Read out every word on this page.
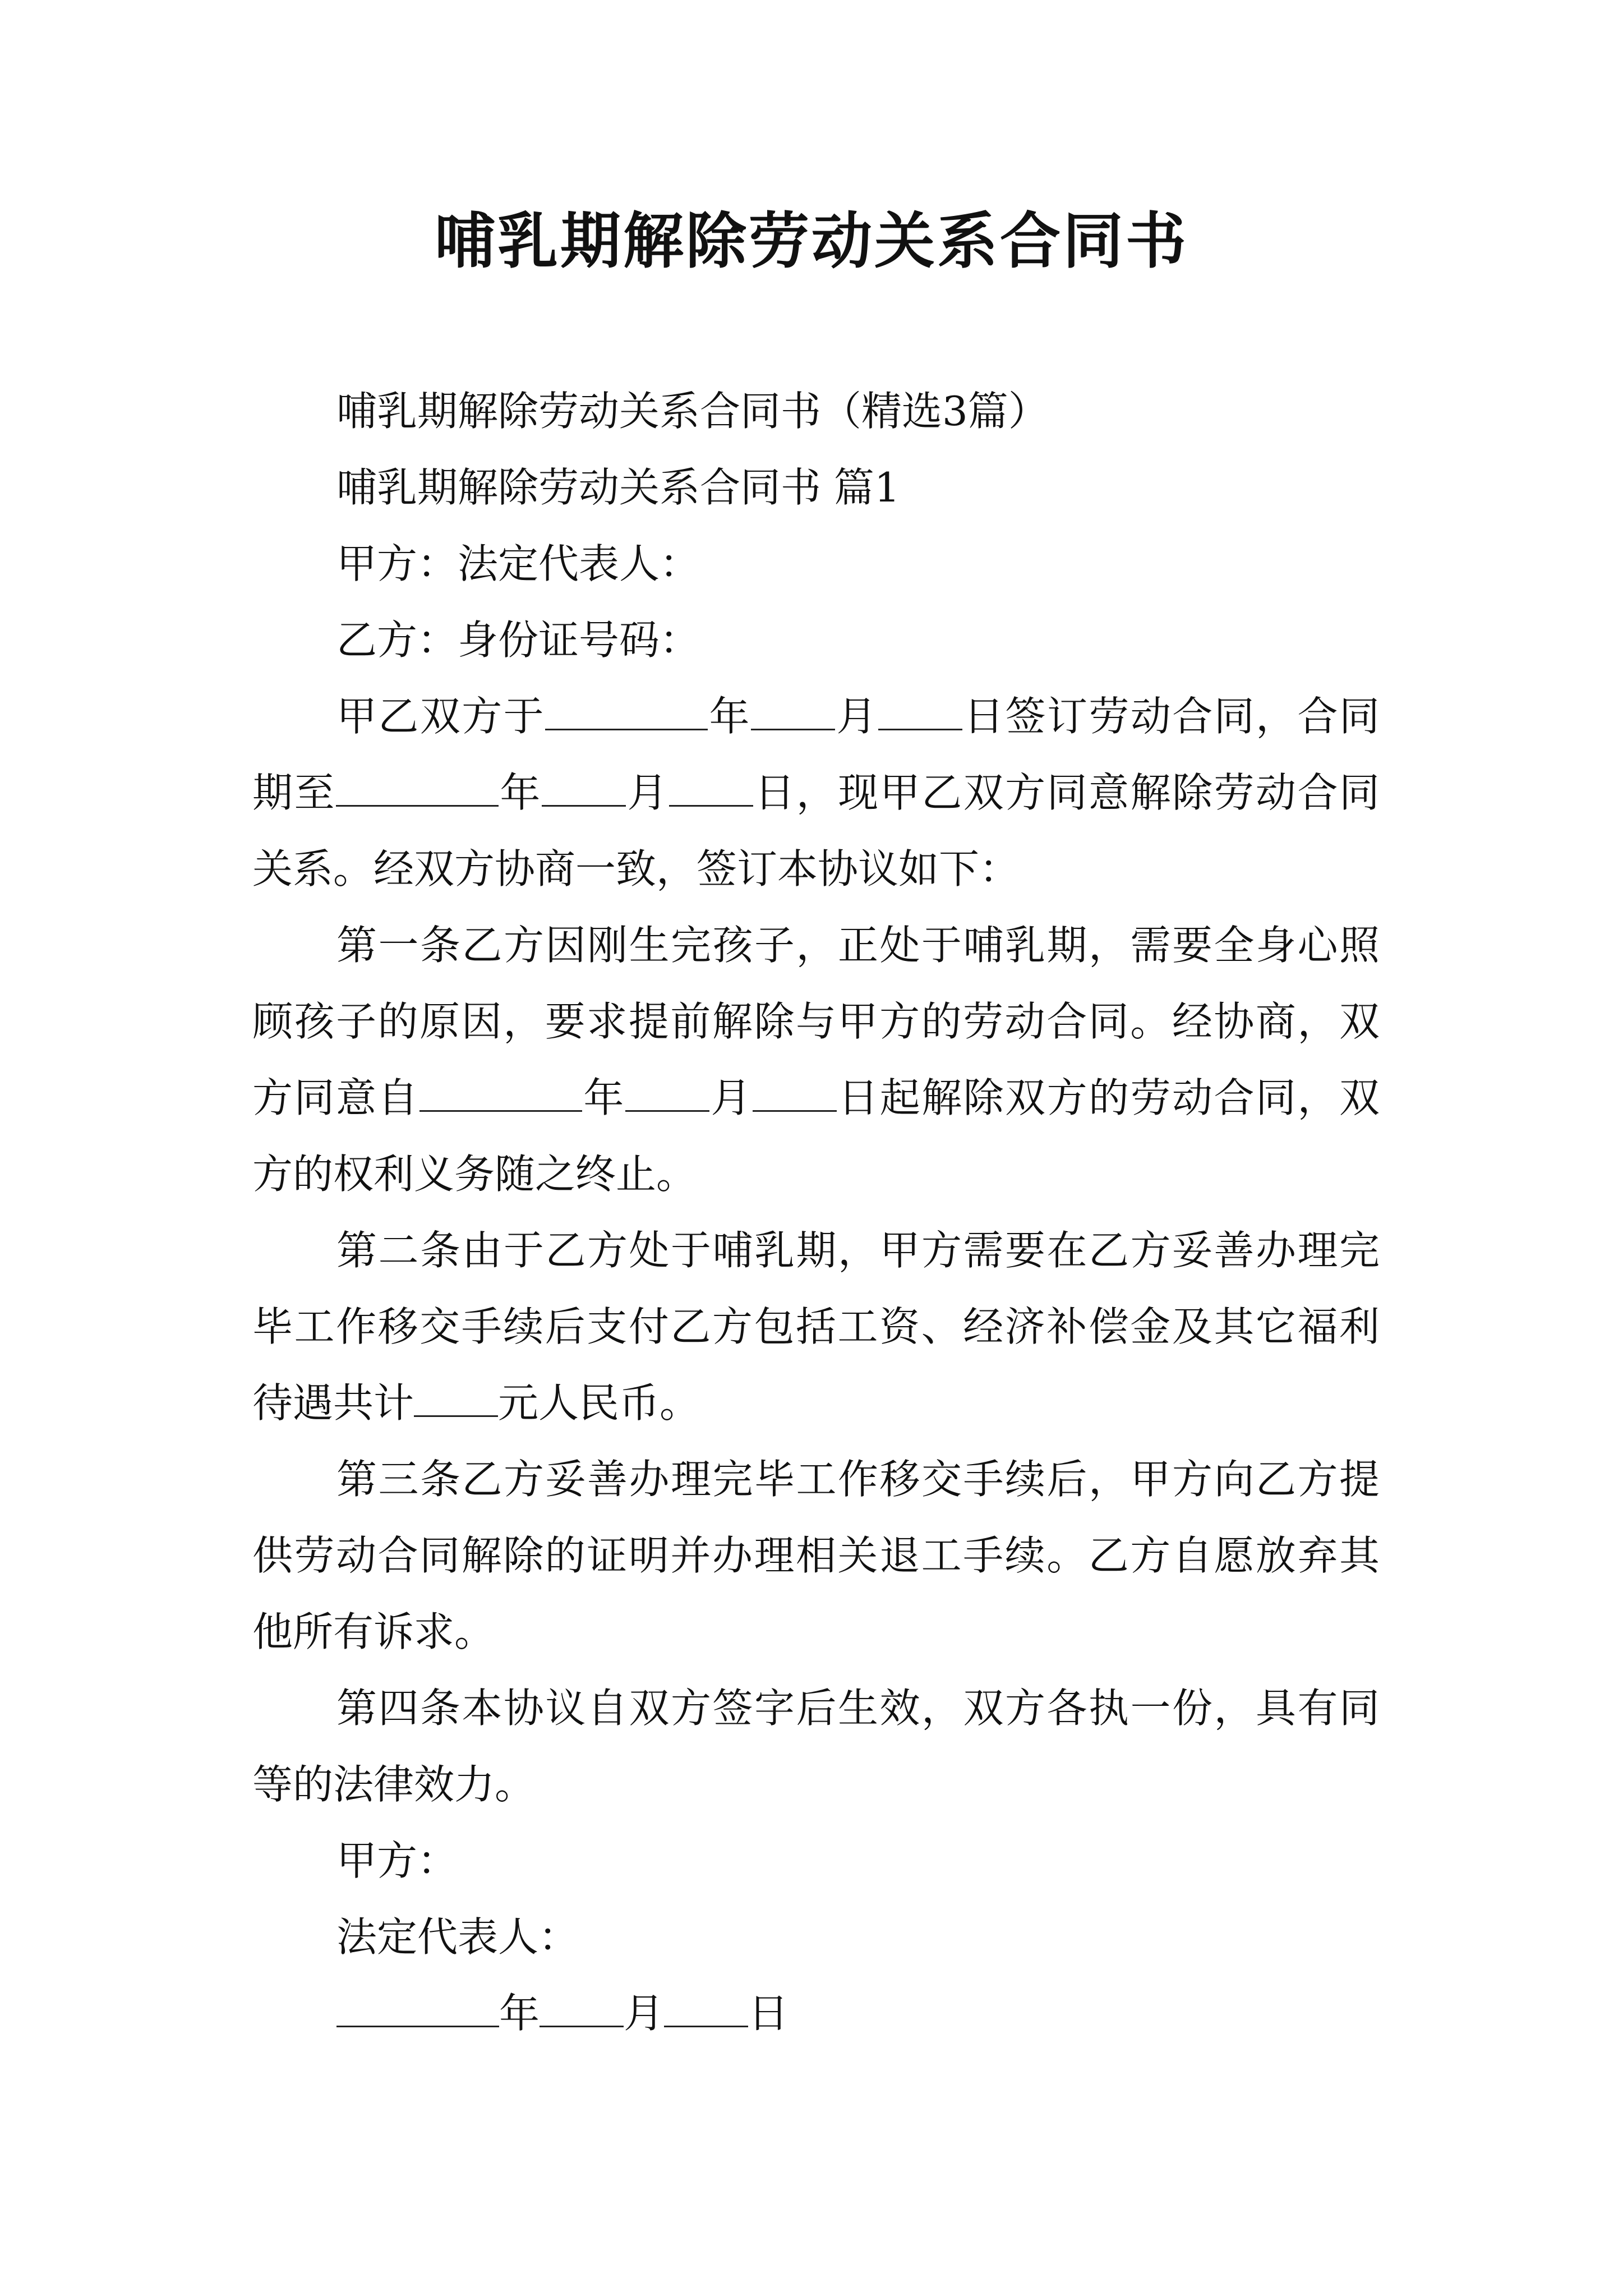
哺乳期解除劳动关系合同书

哺乳期解除劳动关系合同书（精选3篇）

哺乳期解除劳动关系合同书 篇1

甲方：法定代表人：

乙方：身份证号码：

甲乙双方于	年 月 日签订劳动合同，合同期至	年 月 日，现甲乙双方同意解除劳动合同关系。经双方协商一致，签订本协议如下：

第一条乙方因刚生完孩子，正处于哺乳期，需要全身心照顾孩子的原因，要求提前解除与甲方的劳动合同。经协商，双方同意自	年 月 日起解除双方的劳动合同，双方的权利义务随之终止。

第二条由于乙方处于哺乳期，甲方需要在乙方妥善办理完毕工作移交手续后支付乙方包括工资、经济补偿金及其它福利待遇共计 元人民币。

第三条乙方妥善办理完毕工作移交手续后，甲方向乙方提供劳动合同解除的证明并办理相关退工手续。乙方自愿放弃其他所有诉求。

第四条本协议自双方签字后生效，双方各执一份，具有同等的法律效力。

甲方：

法定代表人：

年 月 日
